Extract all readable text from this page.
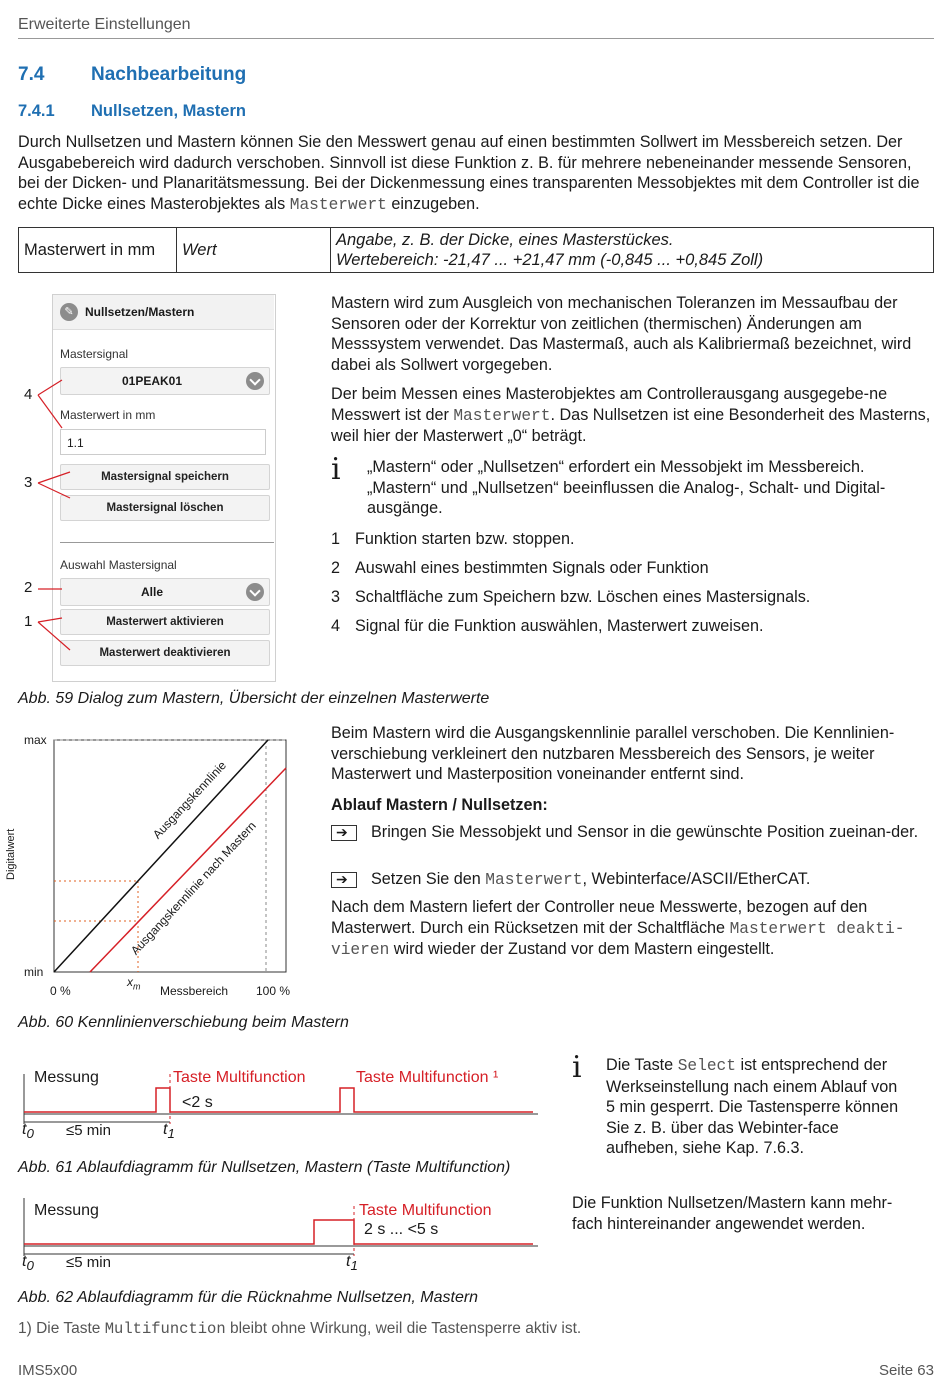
Erweiterte Einstellungen
7.4 Nachbearbeitung
7.4.1 Nullsetzen, Mastern
Durch Nullsetzen und Mastern können Sie den Messwert genau auf einen bestimmten Sollwert im Messbereich setzen. Der Ausgabebereich wird dadurch verschoben. Sinnvoll ist diese Funktion z. B. für mehrere nebeneinander messende Sensoren, bei der Dicken- und Planaritätsmessung. Bei der Dickenmessung eines transparenten Messobjektes mit dem Controller ist die echte Dicke eines Masterobjektes als Masterwert einzugeben.
Masterwert in mm	Wert	
Angabe, z. B. der Dicke, eines Masterstückes.
Wertebereich: -21,47 ... +21,47 mm (-0,845 ... +0,845 Zoll)
✎ Nullsetzen/Mastern
Mastersignal
01PEAK01
Masterwert in mm
1.1
Mastersignal speichern
Mastersignal löschen
Auswahl Mastersignal
Alle
Masterwert aktivieren
Masterwert deaktivieren
4
3
2
1
Mastern wird zum Ausgleich von mechanischen Toleranzen im Messaufbau der Sensoren oder der Korrektur von zeitlichen (thermischen) Änderungen am Messsystem verwendet. Das Mastermaß, auch als Kalibriermaß bezeichnet, wird dabei als Sollwert vorgegeben.
Der beim Messen eines Masterobjektes am Controllerausgang ausgegebe-ne Messwert ist der Masterwert. Das Nullsetzen ist eine Besonderheit des Masterns, weil hier der Masterwert „0“ beträgt.
i „Mastern“ oder „Nullsetzen“ erfordert ein Messobjekt im Messbereich. „Mastern“ und „Nullsetzen“ beeinflussen die Analog-, Schalt- und Digital-ausgänge.
1 Funktion starten bzw. stoppen.
2 Auswahl eines bestimmten Signals oder Funktion
3 Schaltfläche zum Speichern bzw. Löschen eines Mastersignals.
4 Signal für die Funktion auswählen, Masterwert zuweisen.
Abb. 59 Dialog zum Mastern, Übersicht der einzelnen Masterwerte
max
min
Digitalwert
0 %
$x_m$ Messbereich 100 %
Ausgangskennlinie
Ausgangskennlinie nach Mastern
Beim Mastern wird die Ausgangskennlinie parallel verschoben. Die Kennlinien-verschiebung verkleinert den nutzbaren Messbereich des Sensors, je weiter Masterwert und Masterposition voneinander entfernt sind.
Ablauf Mastern / Nullsetzen:
➔Bringen Sie Messobjekt und Sensor in die gewünschte Position zueinan-der.
➔Setzen Sie den Masterwert, Webinterface/ASCII/EtherCAT.
Nach dem Mastern liefert der Controller neue Messwerte, bezogen auf den Masterwert. Durch ein Rücksetzen mit der Schaltfläche Masterwert deakti-vieren wird wieder der Zustand vor dem Mastern eingestellt.
Abb. 60 Kennlinienverschiebung beim Mastern
Messung	Taste Multifunction	Taste Multifunction ¹
<2 s
$t_0 \le 5$ min	$t_1$
Abb. 61 Ablaufdiagramm für Nullsetzen, Mastern (Taste Multifunction)
i Die Taste Select ist entsprechend der Werkseinstellung nach einem Ablauf von 5 min gesperrt. Die Tastensperre können Sie z. B. über das Webinter-face aufheben, siehe Kap. 7.6.3.
Messung	Taste Multifunction
2 s ... <5 s
$t_0 \le 5$ min	$t_1$
Die Funktion Nullsetzen/Mastern kann mehr-fach hintereinander angewendet werden.
Abb. 62 Ablaufdiagramm für die Rücknahme Nullsetzen, Mastern
1) Die Taste Multifunction bleibt ohne Wirkung, weil die Tastensperre aktiv ist.
IMS5x00	Seite 63
